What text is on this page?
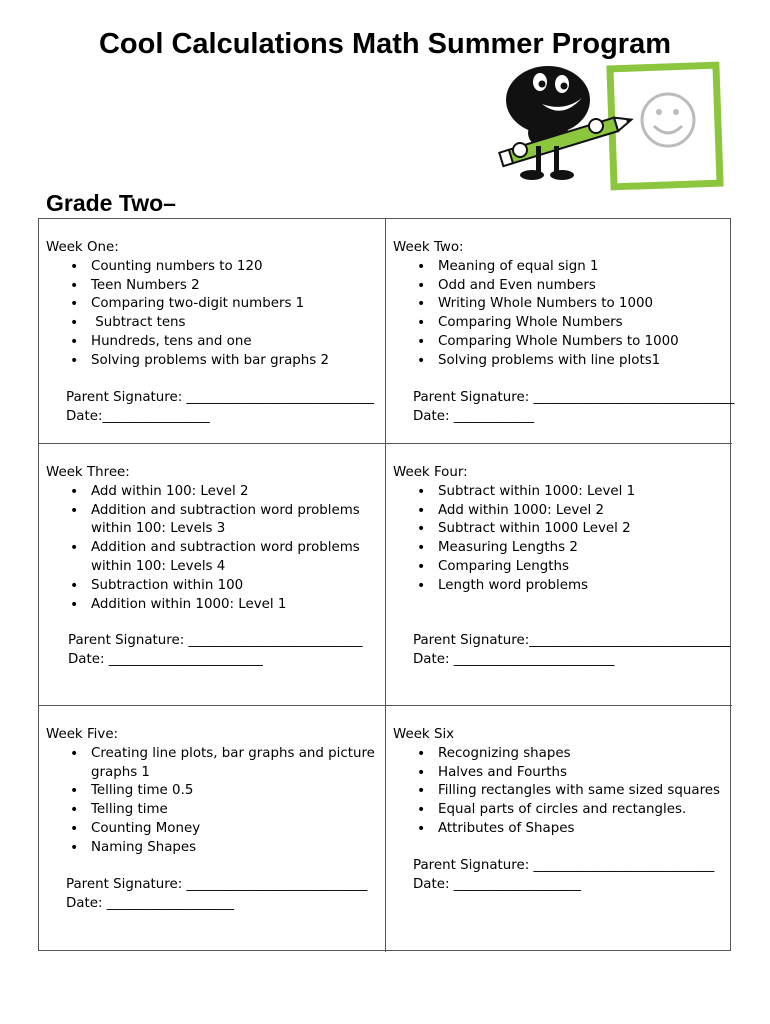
Cool Calculations Math Summer Program
Grade Two–

Week One:

• Counting numbers to 120
• Teen Numbers 2
• Comparing two-digit numbers 1
•  Subtract tens
• Hundreds, tens and one
• Solving problems with bar graphs 2
Parent Signature: ____________________________
Date:________________

Week Two:

• Meaning of equal sign 1
• Odd and Even numbers
• Writing Whole Numbers to 1000
• Comparing Whole Numbers
• Comparing Whole Numbers to 1000
• Solving problems with line plots1
Parent Signature: ______________________________
Date: ____________

Week Three:

• Add within 100: Level 2
• Addition and subtraction word problems within 100: Levels 3
• Addition and subtraction word problems within 100: Levels 4
• Subtraction within 100
• Addition within 1000: Level 1
Parent Signature: __________________________
Date: _______________________

Week Four:

• Subtract within 1000: Level 1
• Add within 1000: Level 2
• Subtract within 1000 Level 2
• Measuring Lengths 2
• Comparing Lengths
• Length word problems
Parent Signature:______________________________
Date: ________________________

Week Five:

• Creating line plots, bar graphs and picture graphs 1
• Telling time 0.5
• Telling time
• Counting Money
• Naming Shapes
Parent Signature: ___________________________
Date: ___________________

Week Six

• Recognizing shapes
• Halves and Fourths
• Filling rectangles with same sized squares
• Equal parts of circles and rectangles.
• Attributes of Shapes
Parent Signature: ___________________________
Date: ___________________
